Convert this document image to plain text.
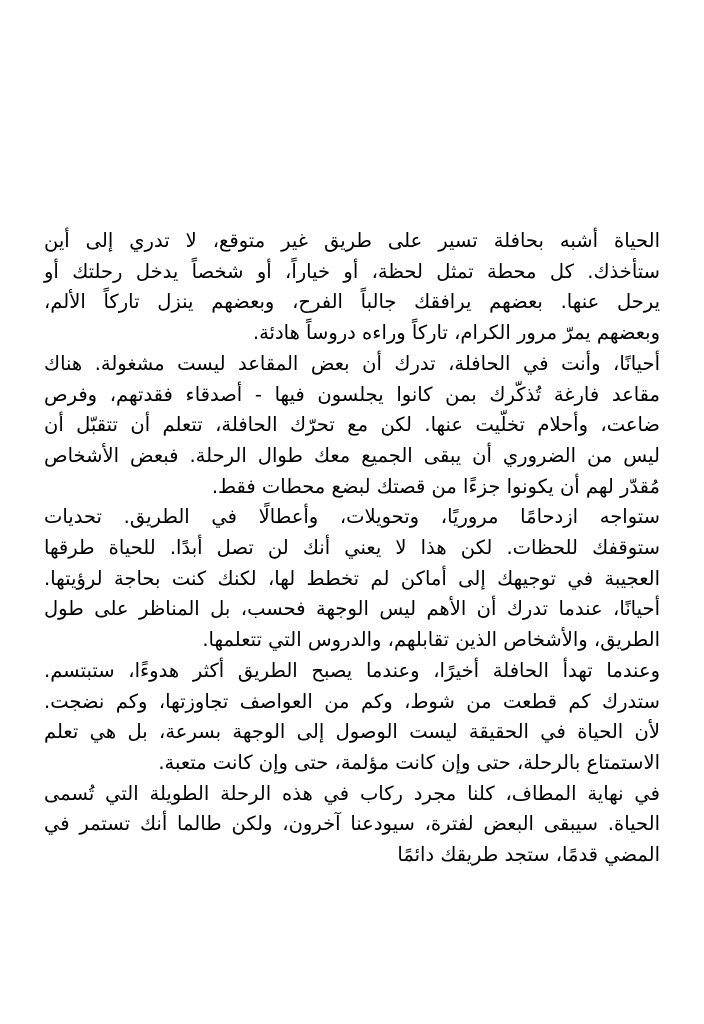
الحياة أشبه بحافلة تسير على طريق غير متوقع، لا تدري إلى أين
ستأخذك. كل محطة تمثل لحظة، أو خياراً، أو شخصاً يدخل رحلتك أو
يرحل عنها. بعضهم يرافقك جالباً الفرح، وبعضهم ينزل تاركاً الألم،
وبعضهم يمرّ مرور الكرام، تاركاً وراءه دروساً هادئة.
أحيانًا، وأنت في الحافلة، تدرك أن بعض المقاعد ليست مشغولة. هناك
مقاعد فارغة تُذكّرك بمن كانوا يجلسون فيها - أصدقاء فقدتهم، وفرص
ضاعت، وأحلام تخلّيت عنها. لكن مع تحرّك الحافلة، تتعلم أن تتقبّل أن
ليس من الضروري أن يبقى الجميع معك طوال الرحلة. فبعض الأشخاص
مُقدّر لهم أن يكونوا جزءًا من قصتك لبضع محطات فقط.
ستواجه ازدحامًا مروريًا، وتحويلات، وأعطالًا في الطريق. تحديات
ستوقفك للحظات. لكن هذا لا يعني أنك لن تصل أبدًا. للحياة طرقها
العجيبة في توجيهك إلى أماكن لم تخطط لها، لكنك كنت بحاجة لرؤيتها.
أحيانًا، عندما تدرك أن الأهم ليس الوجهة فحسب، بل المناظر على طول
الطريق، والأشخاص الذين تقابلهم، والدروس التي تتعلمها.
وعندما تهدأ الحافلة أخيرًا، وعندما يصبح الطريق أكثر هدوءًا، ستبتسم.
ستدرك كم قطعت من شوط، وكم من العواصف تجاوزتها، وكم نضجت.
لأن الحياة في الحقيقة ليست الوصول إلى الوجهة بسرعة، بل هي تعلم
الاستمتاع بالرحلة، حتى وإن كانت مؤلمة، حتى وإن كانت متعبة.
في نهاية المطاف، كلنا مجرد ركاب في هذه الرحلة الطويلة التي تُسمى
الحياة. سيبقى البعض لفترة، سيودعنا آخرون، ولكن طالما أنك تستمر في
المضي قدمًا، ستجد طريقك دائمًا
